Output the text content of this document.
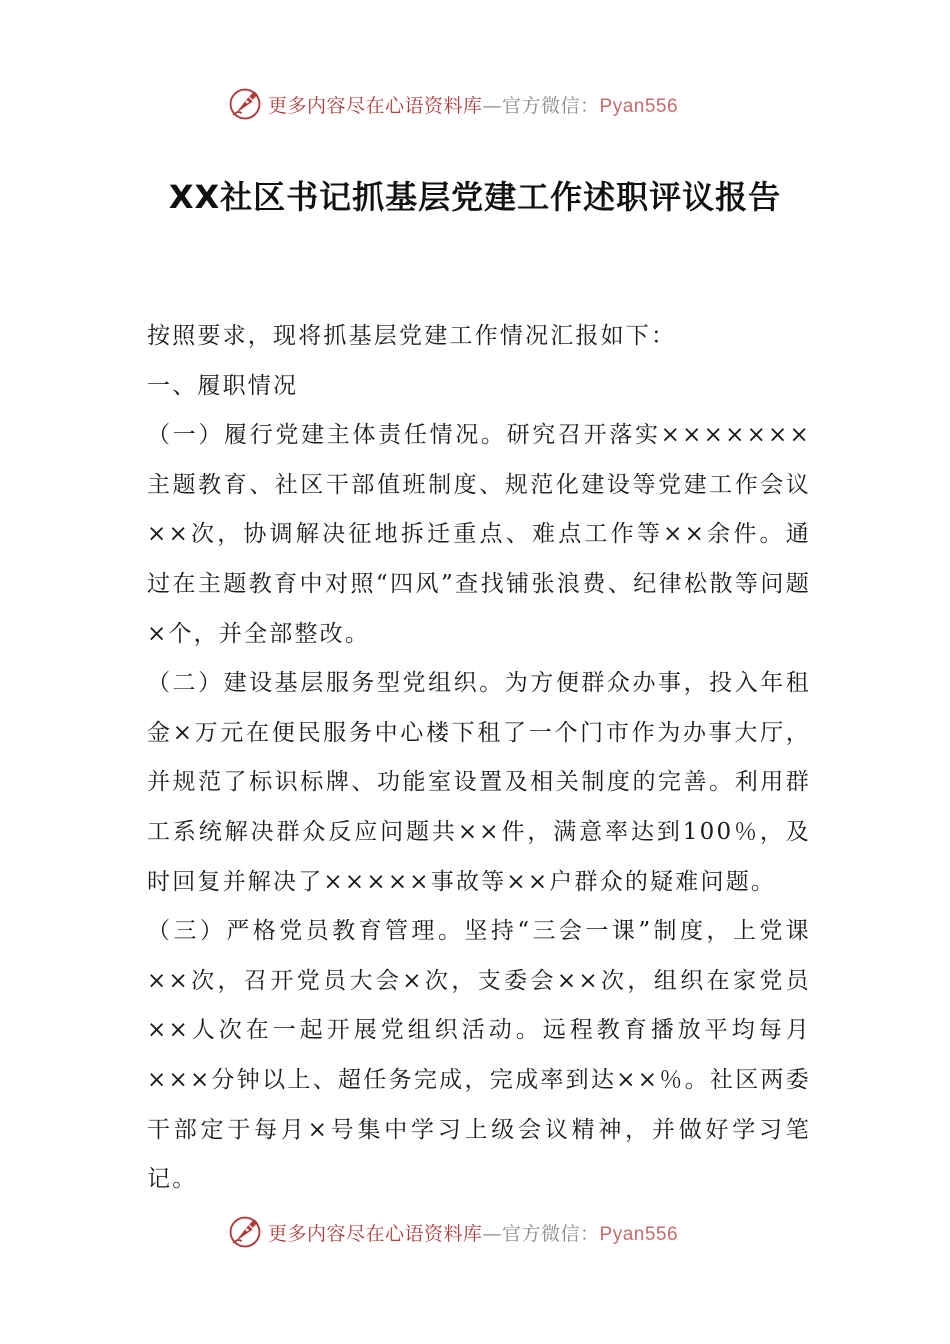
更多内容尽在心语资料库—官方微信：Pyan556
XX社区书记抓基层党建工作述职评议报告

按照要求，现将抓基层党建工作情况汇报如下：

一、履职情况

（一）履行党建主体责任情况。研究召开落实×××××××主题教育、社区干部值班制度、规范化建设等党建工作会议××次，协调解决征地拆迁重点、难点工作等××余件。通过在主题教育中对照“四风”查找铺张浪费、纪律松散等问题×个，并全部整改。

（二）建设基层服务型党组织。为方便群众办事，投入年租金×万元在便民服务中心楼下租了一个门市作为办事大厅，并规范了标识标牌、功能室设置及相关制度的完善。利用群工系统解决群众反应问题共××件，满意率达到100％，及时回复并解决了×××××事故等××户群众的疑难问题。

（三）严格党员教育管理。坚持“三会一课”制度，上党课××次，召开党员大会×次，支委会××次，组织在家党员××人次在一起开展党组织活动。远程教育播放平均每月×××分钟以上、超任务完成，完成率到达××％。社区两委干部定于每月×号集中学习上级会议精神，并做好学习笔记。

更多内容尽在心语资料库—官方微信：Pyan556
